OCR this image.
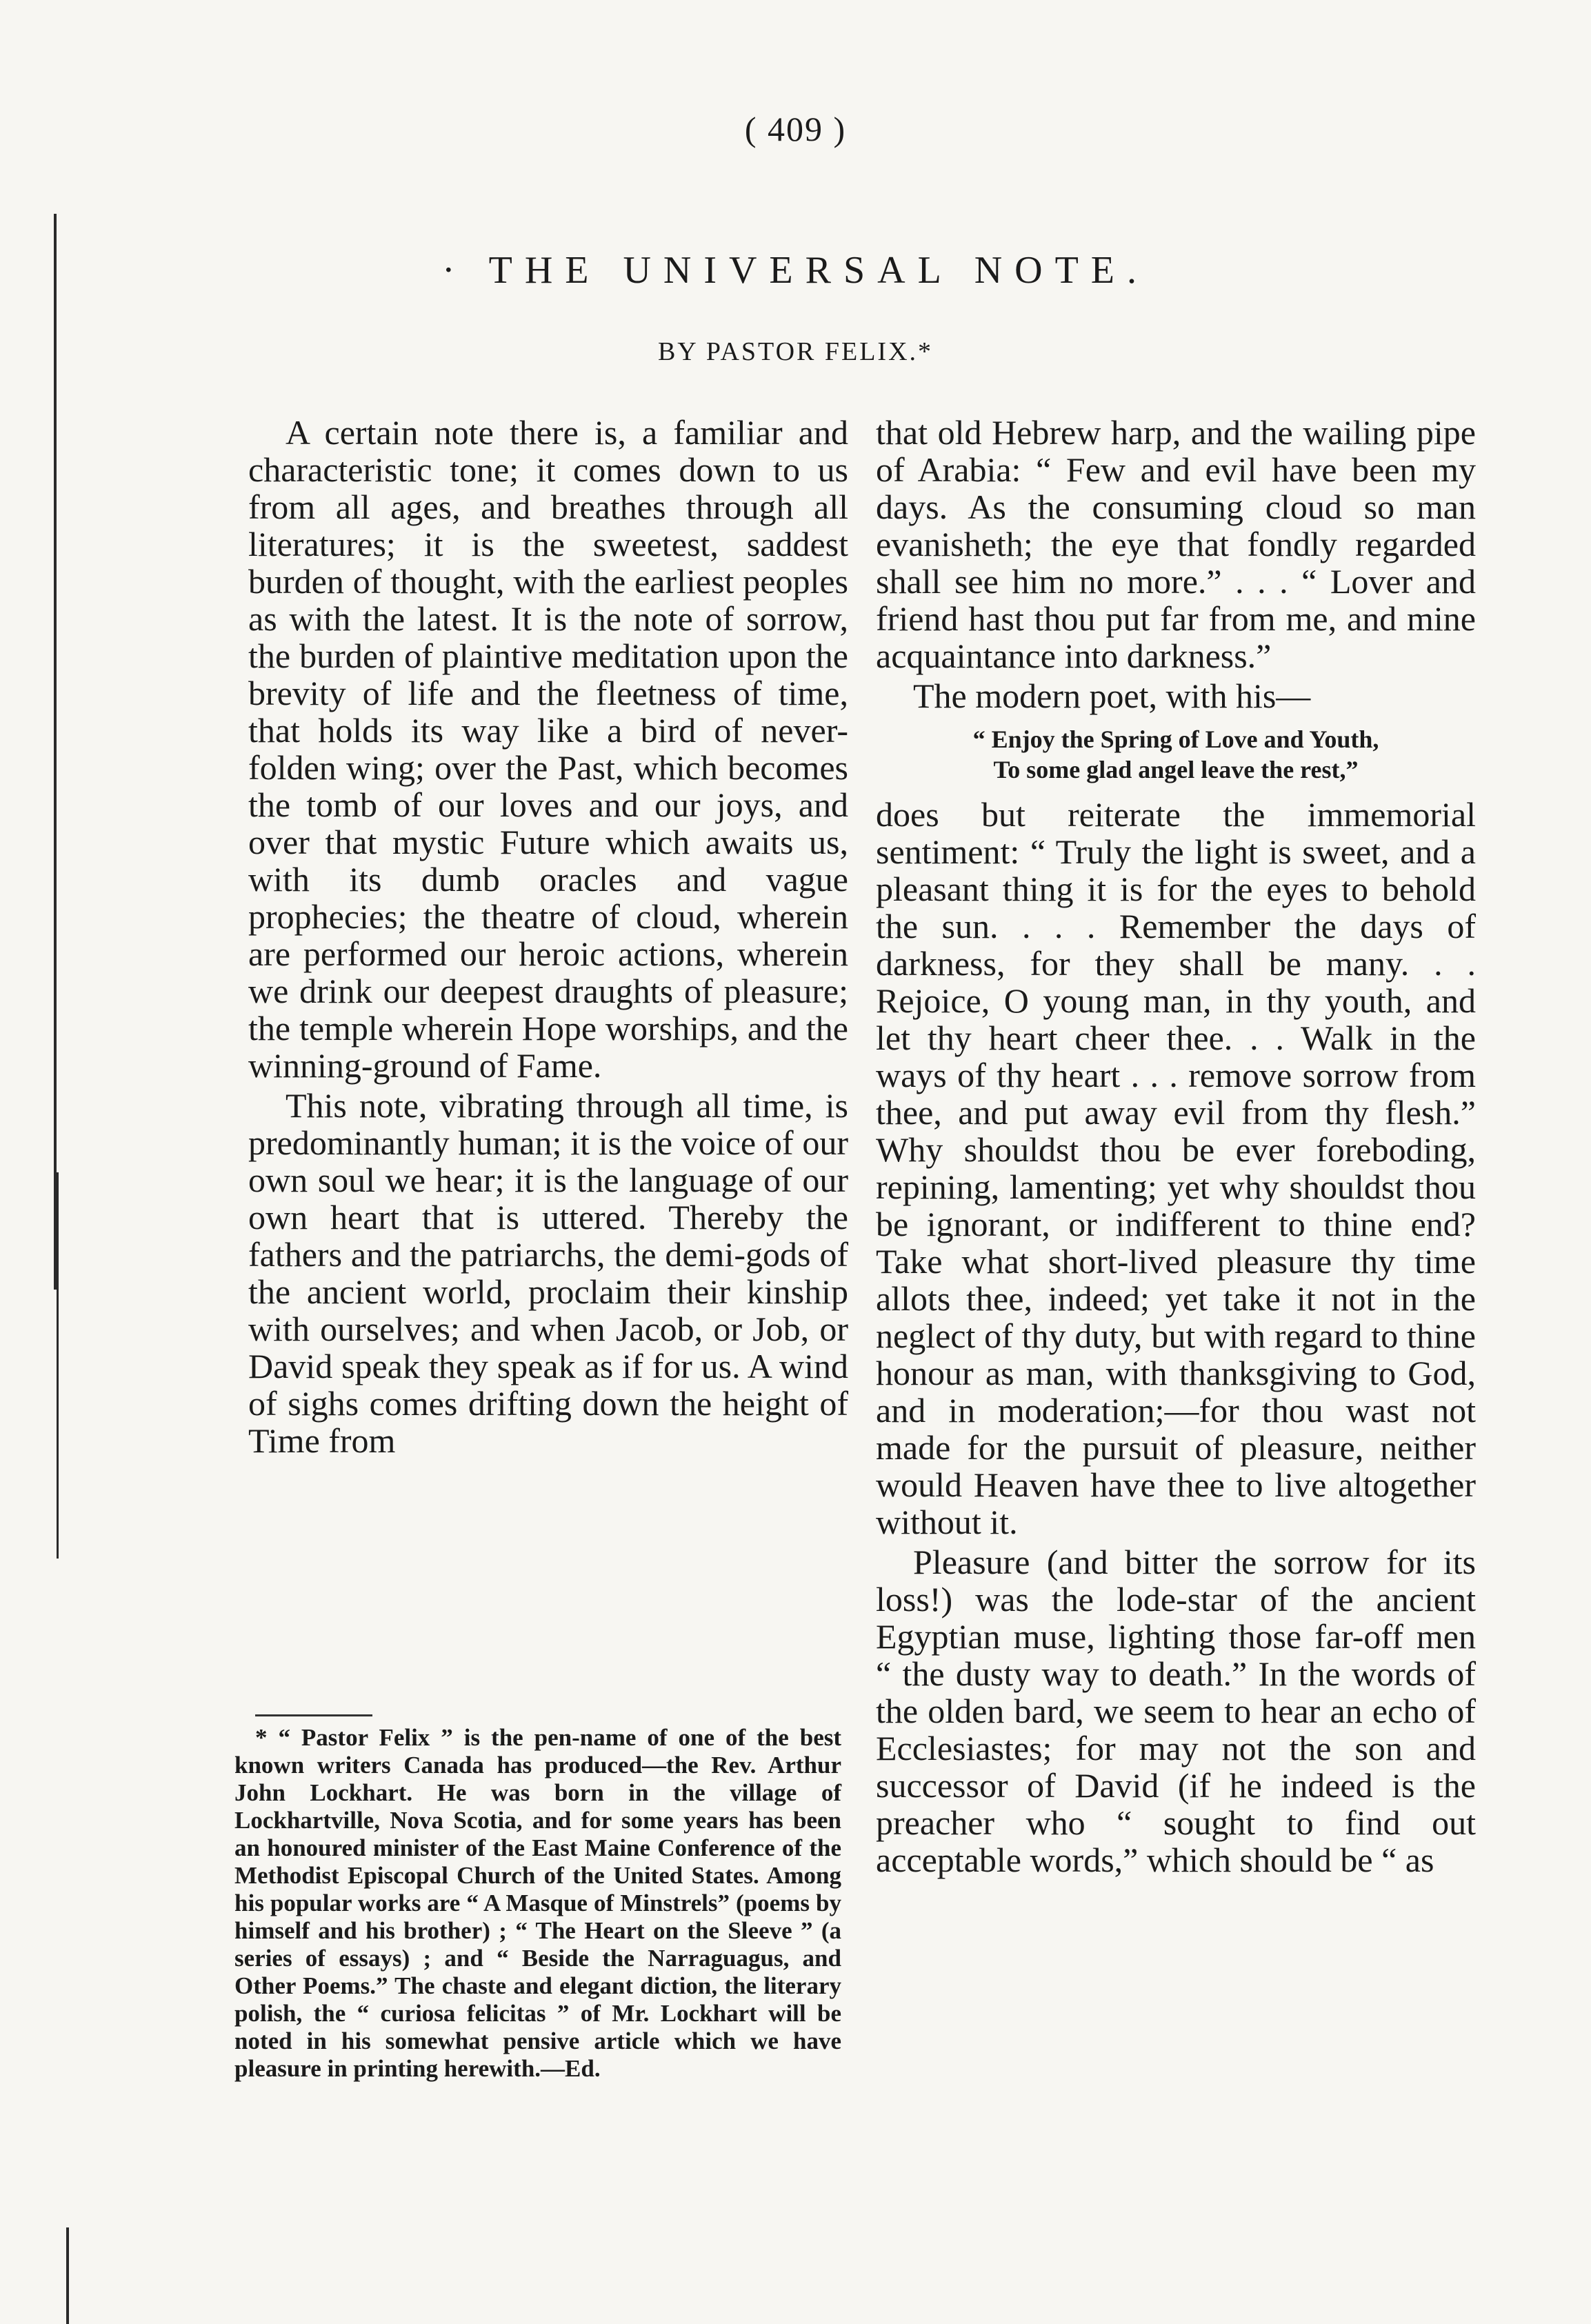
( 409 )
· THE UNIVERSAL NOTE.
BY PASTOR FELIX.*

A certain note there is, a familiar and characteristic tone; it comes down to us from all ages, and breathes through all literatures; it is the sweetest, saddest burden of thought, with the earliest peoples as with the latest. It is the note of sorrow, the burden of plaintive meditation upon the brevity of life and the fleetness of time, that holds its way like a bird of never-folden wing; over the Past, which becomes the tomb of our loves and our joys, and over that mystic Future which awaits us, with its dumb oracles and vague prophecies; the theatre of cloud, wherein are performed our heroic actions, wherein we drink our deepest draughts of pleasure; the temple wherein Hope worships, and the winning-ground of Fame.

This note, vibrating through all time, is predominantly human; it is the voice of our own soul we hear; it is the language of our own heart that is uttered. Thereby the fathers and the patriarchs, the demi-gods of the ancient world, proclaim their kinship with ourselves; and when Jacob, or Job, or David speak they speak as if for us. A wind of sighs comes drifting down the height of Time from

* “ Pastor Felix ” is the pen-name of one of the best known writers Canada has produced—the Rev. Arthur John Lockhart. He was born in the village of Lockhartville, Nova Scotia, and for some years has been an honoured minister of the East Maine Conference of the Methodist Episcopal Church of the United States. Among his popular works are “ A Masque of Minstrels” (poems by himself and his brother) ; “ The Heart on the Sleeve ” (a series of essays) ; and “ Beside the Narraguagus, and Other Poems.” The chaste and elegant diction, the literary polish, the “ curiosa felicitas ” of Mr. Lockhart will be noted in his somewhat pensive article which we have pleasure in printing herewith.—Ed.

that old Hebrew harp, and the wailing pipe of Arabia: “ Few and evil have been my days. As the consuming cloud so man evanisheth; the eye that fondly regarded shall see him no more.” . . . “ Lover and friend hast thou put far from me, and mine acquaintance into darkness.”

The modern poet, with his—

“ Enjoy the Spring of Love and Youth,
To some glad angel leave the rest,”

does but reiterate the immemorial sentiment: “ Truly the light is sweet, and a pleasant thing it is for the eyes to behold the sun. . . . Remember the days of darkness, for they shall be many. . . Rejoice, O young man, in thy youth, and let thy heart cheer thee. . . Walk in the ways of thy heart . . . remove sorrow from thee, and put away evil from thy flesh.” Why shouldst thou be ever foreboding, repining, lamenting; yet why shouldst thou be ignorant, or indifferent to thine end? Take what short-lived pleasure thy time allots thee, indeed; yet take it not in the neglect of thy duty, but with regard to thine honour as man, with thanksgiving to God, and in moderation;—for thou wast not made for the pursuit of pleasure, neither would Heaven have thee to live altogether without it.

Pleasure (and bitter the sorrow for its loss!) was the lode-star of the ancient Egyptian muse, lighting those far-off men “ the dusty way to death.” In the words of the olden bard, we seem to hear an echo of Ecclesiastes; for may not the son and successor of David (if he indeed is the preacher who “ sought to find out acceptable words,” which should be “ as
